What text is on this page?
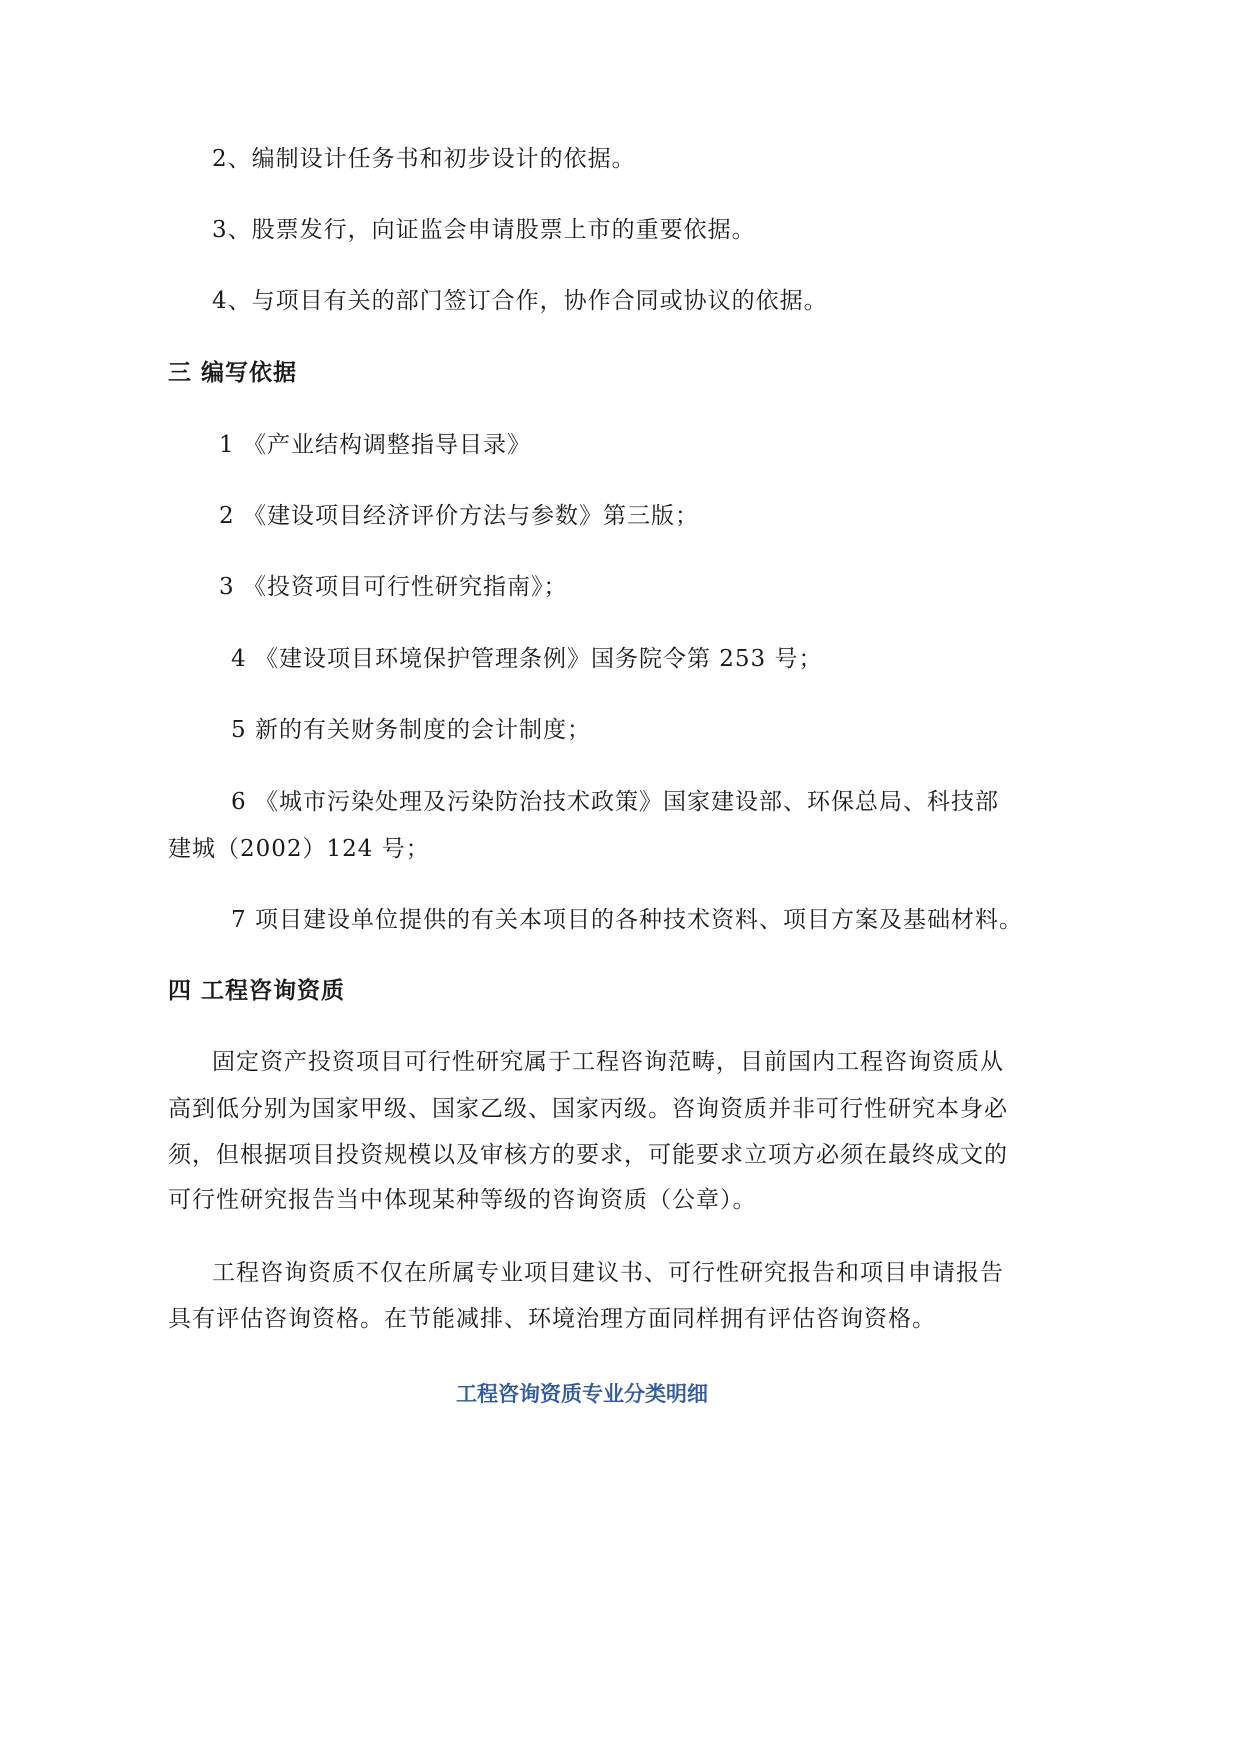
2、编制设计任务书和初步设计的依据。
3、股票发行，向证监会申请股票上市的重要依据。
4、与项目有关的部门签订合作，协作合同或协议的依据。
三 编写依据
1 《产业结构调整指导目录》
2 《建设项目经济评价方法与参数》第三版；
3 《投资项目可行性研究指南》；
4 《建设项目环境保护管理条例》国务院令第 253 号；
5 新的有关财务制度的会计制度；
6 《城市污染处理及污染防治技术政策》国家建设部、环保总局、科技部
建城（2002）124 号；
7 项目建设单位提供的有关本项目的各种技术资料、项目方案及基础材料。
四 工程咨询资质
固定资产投资项目可行性研究属于工程咨询范畴，目前国内工程咨询资质从
高到低分别为国家甲级、国家乙级、国家丙级。咨询资质并非可行性研究本身必
须，但根据项目投资规模以及审核方的要求，可能要求立项方必须在最终成文的
可行性研究报告当中体现某种等级的咨询资质（公章）。
工程咨询资质不仅在所属专业项目建议书、可行性研究报告和项目申请报告
具有评估咨询资格。在节能减排、环境治理方面同样拥有评估咨询资格。
工程咨询资质专业分类明细
